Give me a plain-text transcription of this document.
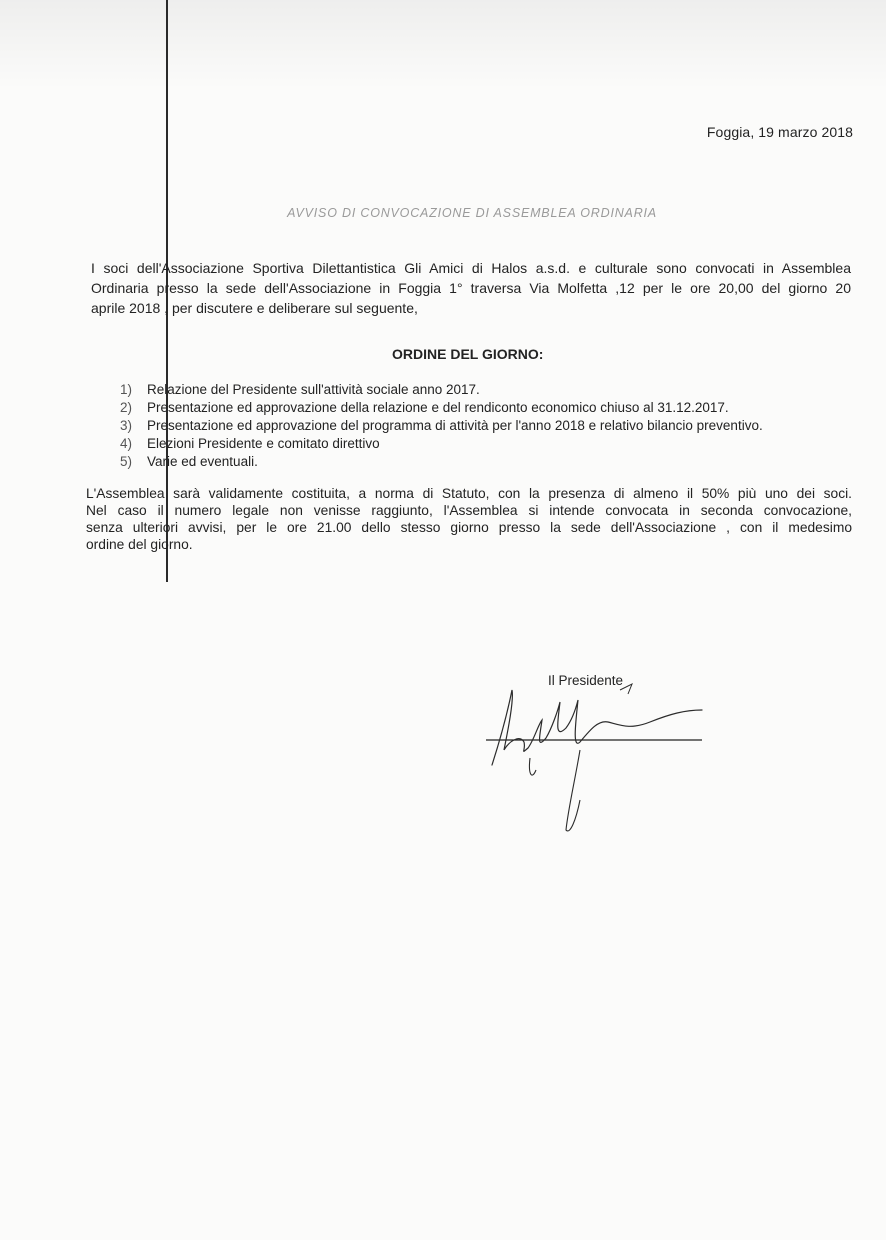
Foggia, 19 marzo 2018
AVVISO DI CONVOCAZIONE DI ASSEMBLEA ORDINARIA

I soci dell'Associazione Sportiva Dilettantistica Gli Amici di Halos a.s.d. e culturale sono convocati in Assemblea

Ordinaria presso la sede dell'Associazione in Foggia 1° traversa Via Molfetta ,12 per le ore 20,00 del giorno 20

aprile 2018 , per discutere e deliberare sul seguente,

ORDINE DEL GIORNO:
1)	Relazione del Presidente sull'attività sociale anno 2017.
2)	Presentazione ed approvazione della relazione e del rendiconto economico chiuso al 31.12.2017.
3)	Presentazione ed approvazione del programma di attività per l'anno 2018 e relativo bilancio preventivo.
4)	Elezioni Presidente e comitato direttivo
5)	Varie ed eventuali.

L'Assemblea sarà validamente costituita, a norma di Statuto, con la presenza di almeno il 50% più uno dei soci.

Nel caso il numero legale non venisse raggiunto, l'Assemblea si intende convocata in seconda convocazione,

senza ulteriori avvisi, per le ore 21.00 dello stesso giorno presso la sede dell'Associazione , con il medesimo

ordine del giorno.

Il Presidente
